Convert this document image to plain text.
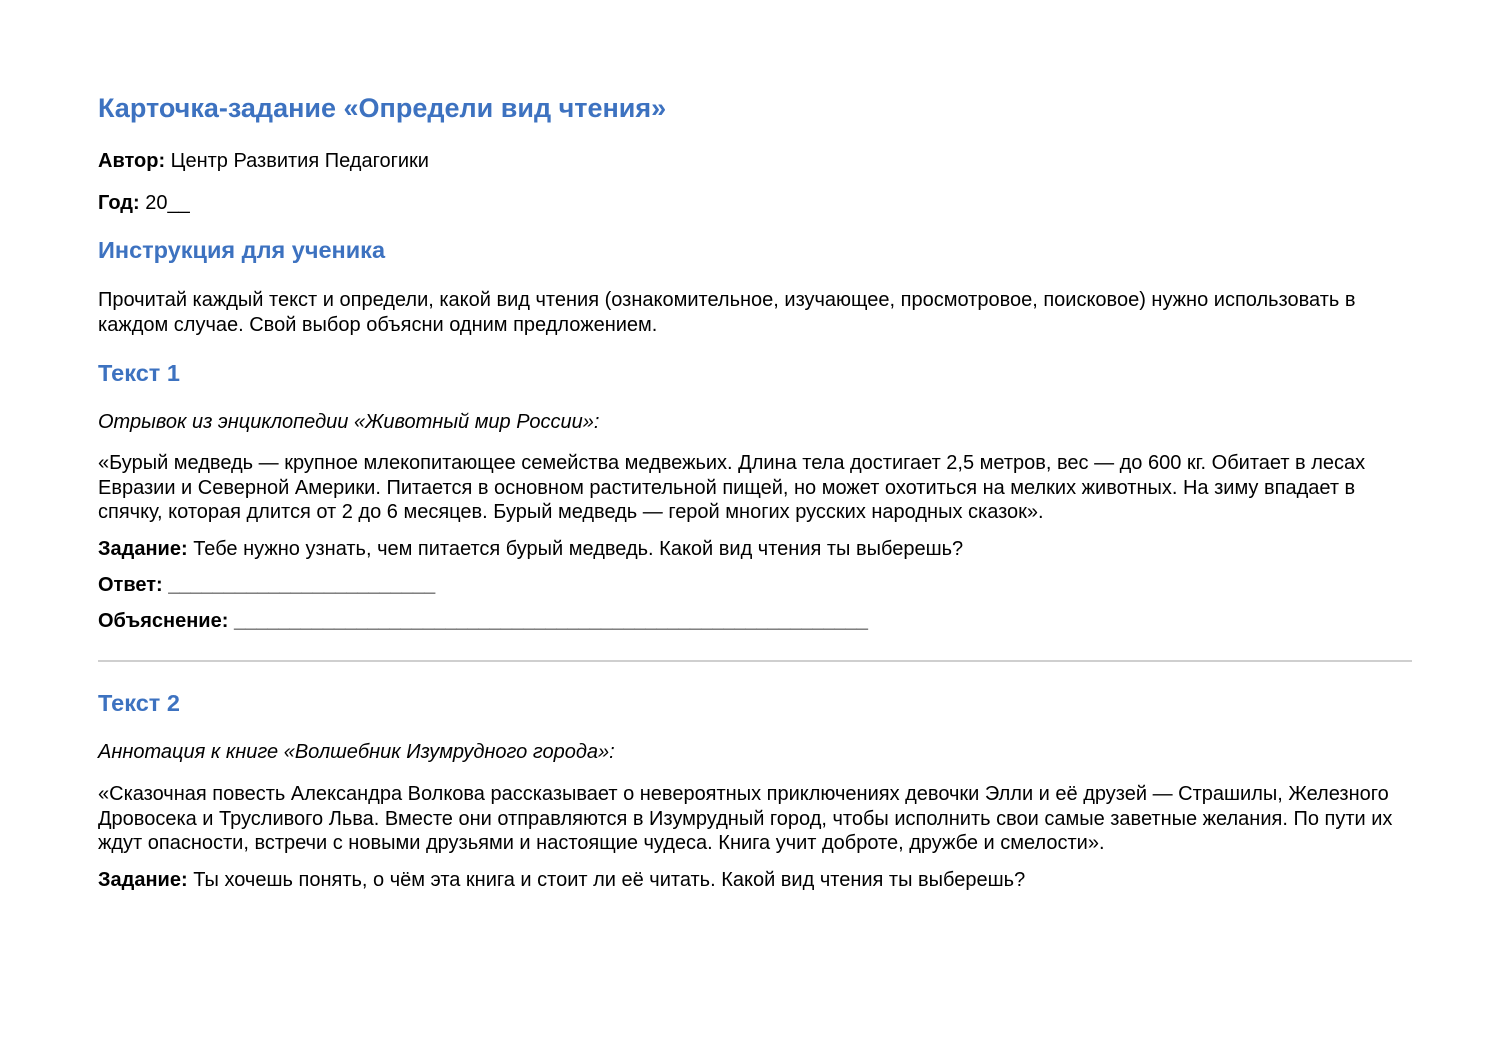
Карточка-задание «Определи вид чтения»

Автор: Центр Развития Педагогики

Год: 20__

Инструкция для ученика

Прочитай каждый текст и определи, какой вид чтения (ознакомительное, изучающее, просмотровое, поисковое) нужно использовать в каждом случае. Свой выбор объясни одним предложением.

Текст 1

Отрывок из энциклопедии «Животный мир России»:

«Бурый медведь — крупное млекопитающее семейства медвежьих. Длина тела достигает 2,5 метров, вес — до 600 кг. Обитает в лесах Евразии и Северной Америки. Питается в основном растительной пищей, но может охотиться на мелких животных. На зиму впадает в спячку, которая длится от 2 до 6 месяцев. Бурый медведь — герой многих русских народных сказок».

Задание: Тебе нужно узнать, чем питается бурый медведь. Какой вид чтения ты выберешь?

Ответ: ________________________

Объяснение: _________________________________________________________

Текст 2

Аннотация к книге «Волшебник Изумрудного города»:

«Сказочная повесть Александра Волкова рассказывает о невероятных приключениях девочки Элли и её друзей — Страшилы, Железного Дровосека и Трусливого Льва. Вместе они отправляются в Изумрудный город, чтобы исполнить свои самые заветные желания. По пути их ждут опасности, встречи с новыми друзьями и настоящие чудеса. Книга учит доброте, дружбе и смелости».

Задание: Ты хочешь понять, о чём эта книга и стоит ли её читать. Какой вид чтения ты выберешь?
